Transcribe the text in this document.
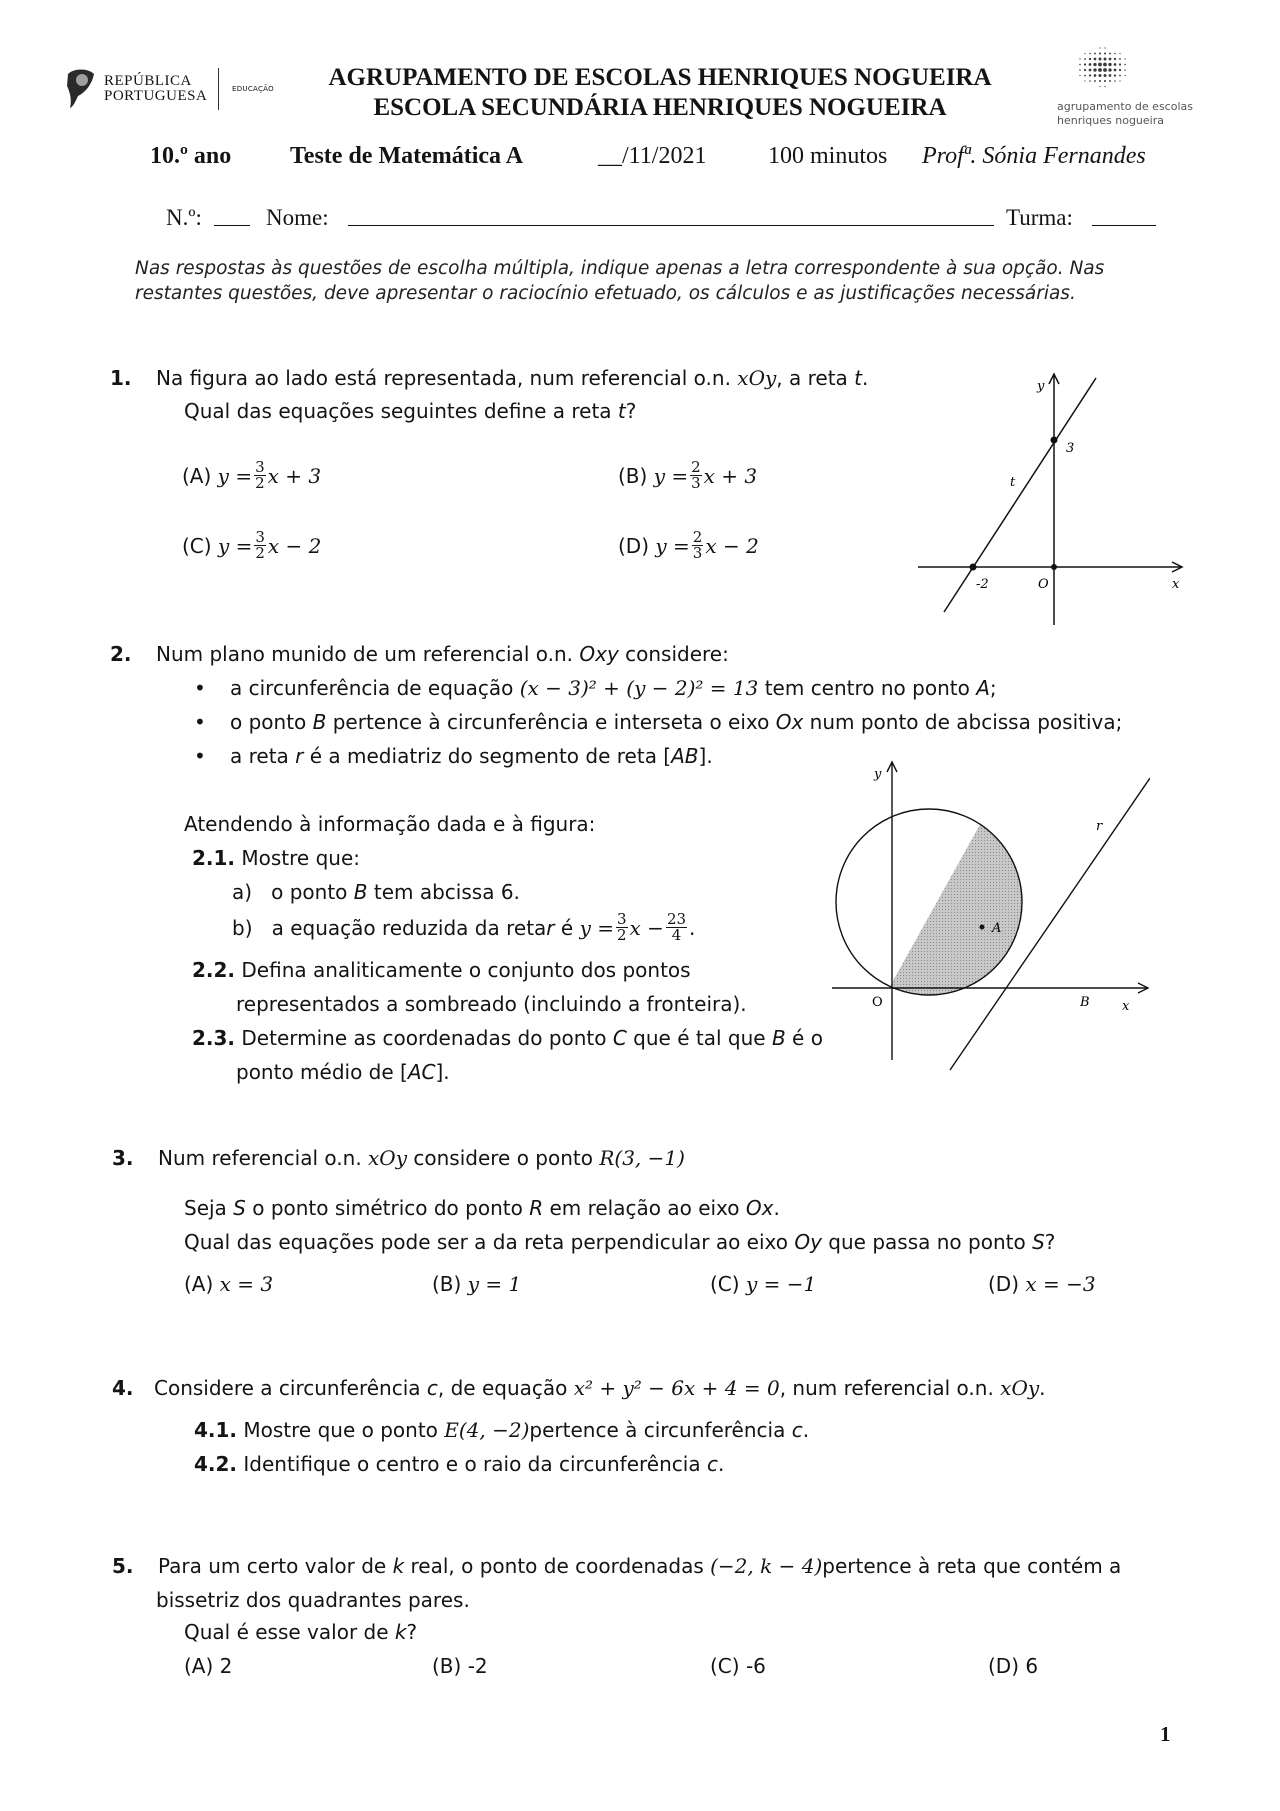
REPÚBLICA
PORTUGUESA	EDUCAÇÃO	AGRUPAMENTO DE ESCOLAS HENRIQUES NOGUEIRA
ESCOLA SECUNDÁRIA HENRIQUES NOGUEIRA	agrupamento de escolas
henriques nogueira
10.º ano Teste de Matemática A	__/11/2021	100 minutos Profª. Sónia Fernandes
N.º:	Nome:	Turma:
Nas respostas às questões de escolha múltipla, indique apenas a letra correspondente à sua opção. Nas restantes questões, deve apresentar o raciocínio efetuado, os cálculos e as justificações necessárias.
1. Na figura ao lado está representada, num referencial o.n. xOy, a reta t.
Qual das equações seguintes define a reta t?
(A)
$y = \frac{3}{2}$ x + 3	(B)
$y = \frac{2}{3}$ x + 3
(C)
$y = \frac{3}{2}$ x − 2	(D)
$y = \frac{2}{3}$ x − 2
y
x
t
3
-2	O
2. Num plano munido de um referencial o.n. Oxy considere:
• a circunferência de equação (x − 3)² + (y − 2)² = 13 tem centro no ponto A;
• o ponto B pertence à circunferência e interseta o eixo Ox num ponto de abcissa positiva;
• a reta r é a mediatriz do segmento de reta [AB].
Atendendo à informação dada e à figura:
2.1. Mostre que:
a) o ponto B tem abcissa 6.
b)
a equação reduzida da reta r é $y = \frac{3}{2}$ $x - \frac{23}{4}$ .
2.2. Defina analiticamente o conjunto dos pontos
representados a sombreado (incluindo a fronteira).
2.3. Determine as coordenadas do ponto C que é tal que B é o
ponto médio de [AC].
y
x
r
A
B
O
3. Num referencial o.n. xOy considere o ponto R(3, −1)
Seja S o ponto simétrico do ponto R em relação ao eixo Ox.
Qual das equações pode ser a da reta perpendicular ao eixo Oy que passa no ponto S?
(A) x = 3	(B) y = 1	(C) y = −1	(D) x = −3
4. Considere a circunferência c, de equação x² + y² − 6x + 4 = 0, num referencial o.n. xOy.
4.1. Mostre que o ponto E(4, −2)pertence à circunferência c.
4.2. Identifique o centro e o raio da circunferência c.
5. Para um certo valor de k real, o ponto de coordenadas (−2, k − 4)pertence à reta que contém a
bissetriz dos quadrantes pares.
Qual é esse valor de k?
(A) 2	(B) -2	(C) -6	(D) 6
1
